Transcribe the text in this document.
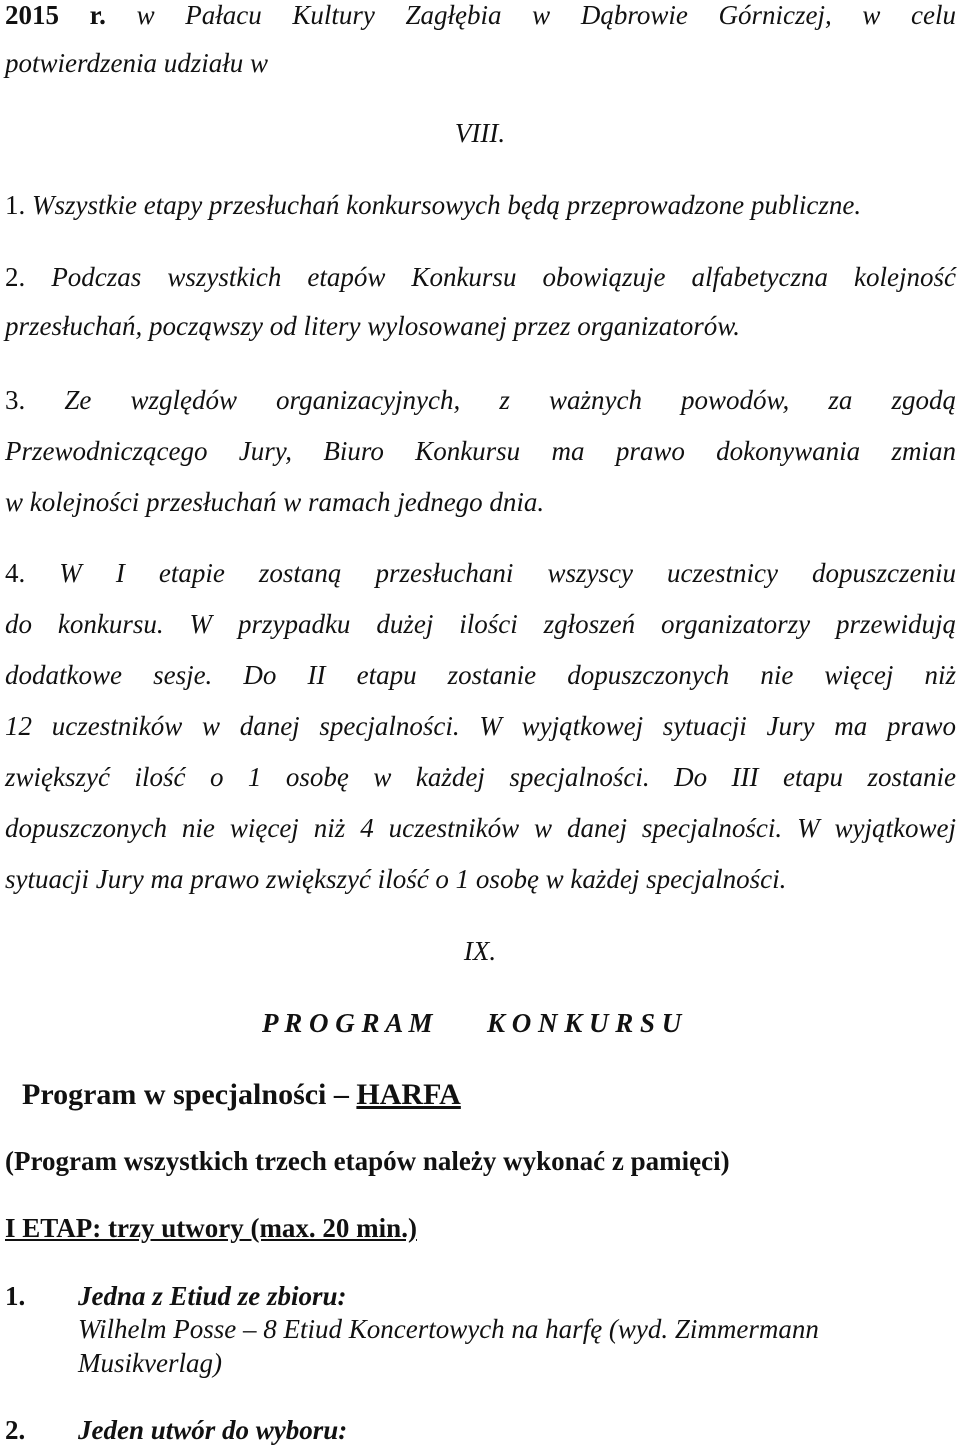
2015 r. w Pałacu Kultury Zagłębia w Dąbrowie Górniczej, w celu
potwierdzenia udziału w
VIII.
1. Wszystkie etapy przesłuchań konkursowych będą przeprowadzone publiczne.
2. Podczas wszystkich etapów Konkursu obowiązuje alfabetyczna kolejność
przesłuchań, począwszy od litery wylosowanej przez organizatorów.
3. Ze względów organizacyjnych, z ważnych powodów, za zgodą
Przewodniczącego Jury, Biuro Konkursu ma prawo dokonywania zmian
w kolejności przesłuchań w ramach jednego dnia.
4. W I etapie zostaną przesłuchani wszyscy uczestnicy dopuszczeniu
do konkursu. W przypadku dużej ilości zgłoszeń organizatorzy przewidują
dodatkowe sesje. Do II etapu zostanie dopuszczonych nie więcej niż
12 uczestników w danej specjalności. W wyjątkowej sytuacji Jury ma prawo
zwiększyć ilość o 1 osobę w każdej specjalności. Do III etapu zostanie
dopuszczonych nie więcej niż 4 uczestników w danej specjalności. W wyjątkowej
sytuacji Jury ma prawo zwiększyć ilość o 1 osobę w każdej specjalności.
IX.
P R O G R A M K O N K U R S U
Program w specjalności – HARFA
(Program wszystkich trzech etapów należy wykonać z pamięci)
I ETAP: trzy utwory (max. 20 min.)
1. Jedna z Etiud ze zbioru:
Wilhelm Posse – 8 Etiud Koncertowych na harfę (wyd. Zimmermann
Musikverlag)
2. Jeden utwór do wyboru:
